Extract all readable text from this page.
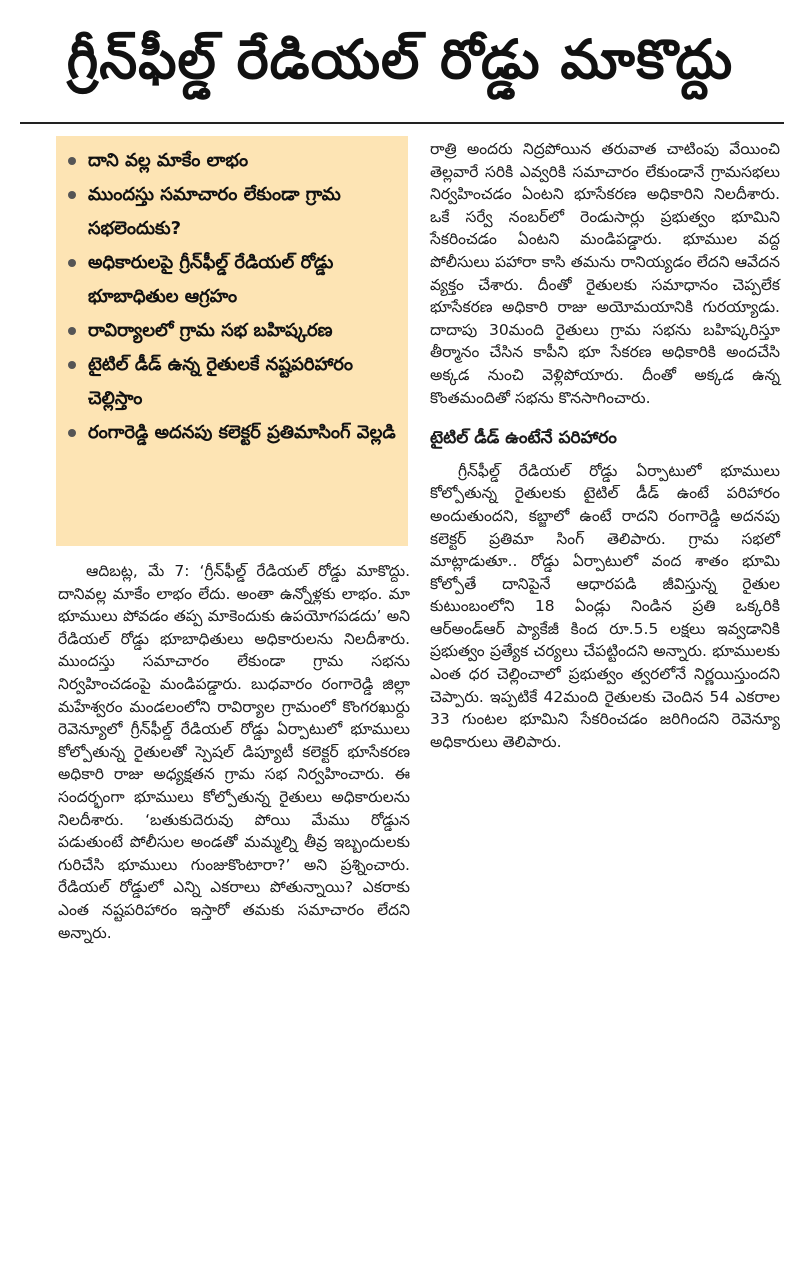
గ్రీన్‌ఫీల్డ్ రేడియల్ రోడ్డు మాకొద్దు
దాని వల్ల మాకేం లాభం
ముందస్తు సమాచారం లేకుండా గ్రామ సభలెందుకు?
అధికారులపై గ్రీన్‌ఫీల్డ్ రేడియల్ రోడ్డు భూబాధితుల ఆగ్రహం
రావిర్యాలలో గ్రామ సభ బహిష్కరణ
టైటిల్ డీడ్ ఉన్న రైతులకే నష్టపరిహారం చెల్లిస్తాం
రంగారెడ్డి అదనపు కలెక్టర్ ప్రతిమాసింగ్ వెల్లడి

ఆదిబట్ల, మే 7: ‘గ్రీన్‌ఫీల్డ్ రేడియల్ రోడ్డు మాకొద్దు. దానివల్ల మాకేం లాభం లేదు. అంతా ఉన్నోళ్లకు లాభం. మా భూములు పోవడం తప్ప మాకెందుకు ఉపయోగపడదు’ అని రేడియల్ రోడ్డు భూబాధితులు అధికారులను నిలదీశారు. ముందస్తు సమాచారం లేకుండా గ్రామ సభను నిర్వహించడంపై మండిపడ్డారు. బుధవారం రంగారెడ్డి జిల్లా మహేశ్వరం మండలంలోని రావిర్యాల గ్రామంలో కొంగరఖుర్దు రెవెన్యూలో గ్రీన్‌ఫీల్డ్ రేడియల్ రోడ్డు ఏర్పాటులో భూములు కోల్పోతున్న రైతులతో స్పెషల్ డిప్యూటీ కలెక్టర్ భూసేకరణ అధికారి రాజు అధ్యక్షతన గ్రామ సభ నిర్వహించారు. ఈ సందర్భంగా భూములు కోల్పోతున్న రైతులు అధికారులను నిలదీశారు. ‘బతుకుదెరువు పోయి మేము రోడ్డున పడుతుంటే పోలీసుల అండతో మమ్మల్ని తీవ్ర ఇబ్బందులకు గురిచేసి భూములు గుంజుకొంటారా?’ అని ప్రశ్నించారు. రేడియల్ రోడ్డులో ఎన్ని ఎకరాలు పోతున్నాయి? ఎకరాకు ఎంత నష్టపరిహారం ఇస్తారో తమకు సమాచారం లేదని అన్నారు.

రాత్రి అందరు నిద్రపోయిన తరువాత చాటింపు వేయించి తెల్లవారే సరికి ఎవ్వరికి సమాచారం లేకుండానే గ్రామసభలు నిర్వహించడం ఏంటని భూసేకరణ అధికారిని నిలదీశారు. ఒకే సర్వే నంబర్‌లో రెండుసార్లు ప్రభుత్వం భూమిని సేకరించడం ఏంటని మండిపడ్డారు. భూముల వద్ద పోలీసులు పహారా కాసి తమను రానియ్యడం లేదని ఆవేదన వ్యక్తం చేశారు. దీంతో రైతులకు సమాధానం చెప్పలేక భూసేకరణ అధికారి రాజు అయోమయానికి గురయ్యాడు. దాదాపు 30మంది రైతులు గ్రామ సభను బహిష్కరిస్తూ తీర్మానం చేసిన కాపీని భూ సేకరణ అధికారికి అందచేసి అక్కడ నుంచి వెళ్లిపోయారు. దీంతో అక్కడ ఉన్న కొంతమందితో సభను కొనసాగించారు.

టైటిల్ డీడ్ ఉంటేనే పరిహారం

గ్రీన్‌ఫీల్డ్ రేడియల్ రోడ్డు ఏర్పాటులో భూములు కోల్పోతున్న రైతులకు టైటిల్ డీడ్ ఉంటే పరిహారం అందుతుందని, కబ్జాలో ఉంటే రాదని రంగారెడ్డి అదనపు కలెక్టర్ ప్రతిమా సింగ్ తెలిపారు. గ్రామ సభలో మాట్లాడుతూ.. రోడ్డు ఏర్పాటులో వంద శాతం భూమి కోల్పోతే దానిపైనే ఆధారపడి జీవిస్తున్న రైతుల కుటుంబంలోని 18 ఏండ్లు నిండిన ప్రతి ఒక్కరికి ఆర్‌అండ్‌ఆర్ ప్యాకేజీ కింద రూ.5.5 లక్షలు ఇవ్వడానికి ప్రభుత్వం ప్రత్యేక చర్యలు చేపట్టిందని అన్నారు. భూములకు ఎంత ధర చెల్లించాలో ప్రభుత్వం త్వరలోనే నిర్ణయిస్తుందని చెప్పారు. ఇప్పటికే 42మంది రైతులకు చెందిన 54 ఎకరాల 33 గుంటల భూమిని సేకరించడం జరిగిందని రెవెన్యూ అధికారులు తెలిపారు.
